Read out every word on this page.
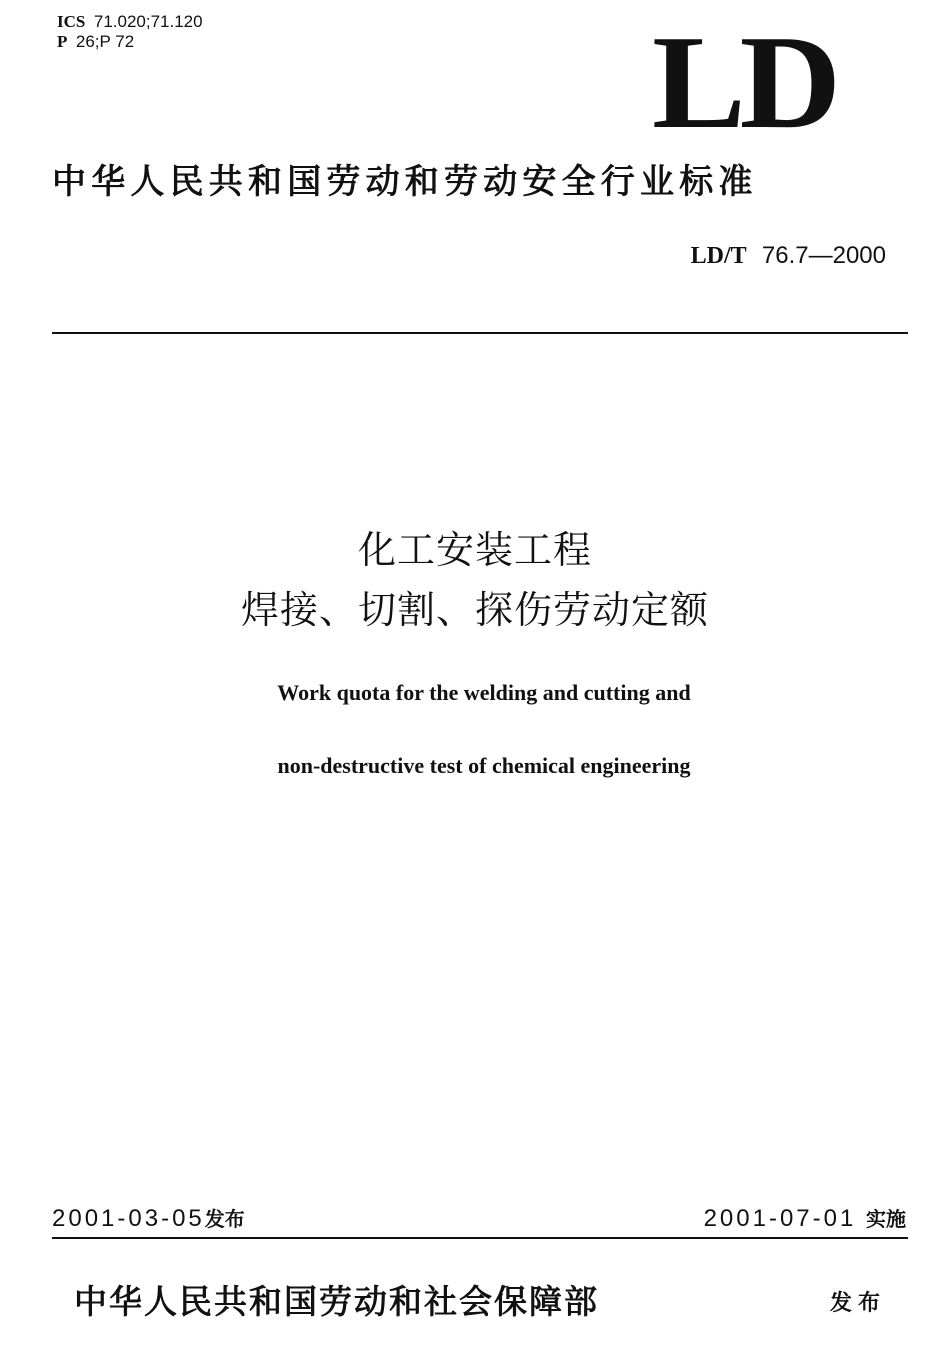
ICS 71.020;71.120
P 26;P 72	LD
中华人民共和国劳动和劳动安全行业标准
LD/T 76.7—2000
化工安装工程
焊接、切割、探伤劳动定额
Work quota for the welding and cutting and
non-destructive test of chemical engineering
2001-03-05发布	2001-07-01 实施
中华人民共和国劳动和社会保障部	发布
